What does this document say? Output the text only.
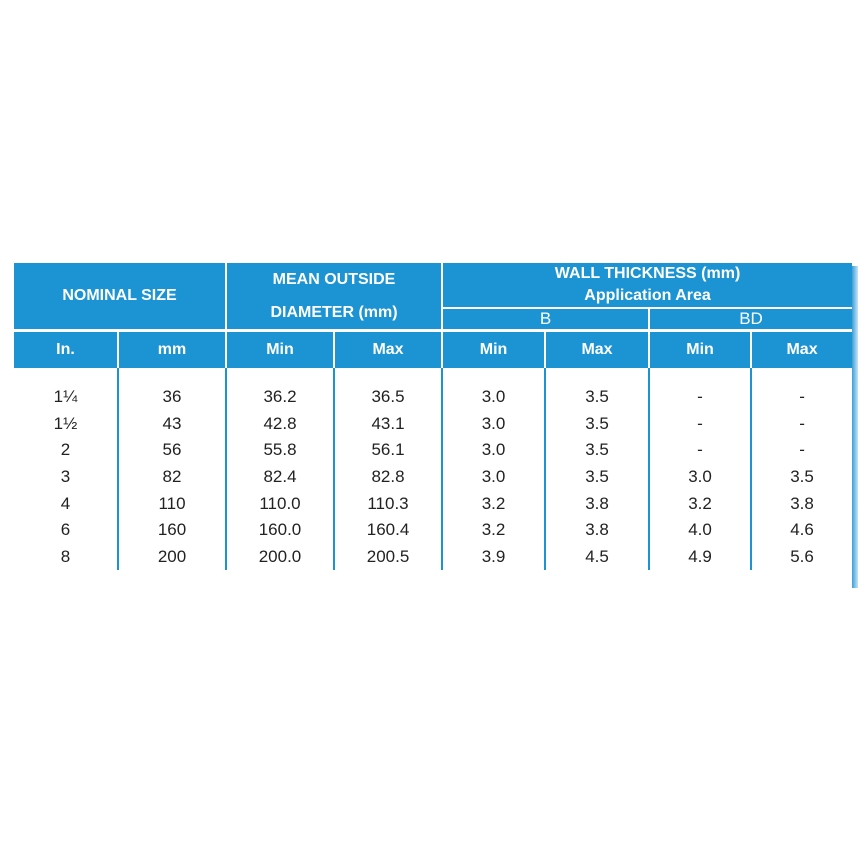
NOMINAL SIZE		MEAN OUTSIDE
DIAMETER (mm)		WALL THICKNESS (mm)
Application Area			
				B		BD	
In.	mm	Min	Max	Min	Max	Min	Max

1¼	36	36.2	36.5	3.0	3.5	-	-
1½	43	42.8	43.1	3.0	3.5	-	-
2	56	55.8	56.1	3.0	3.5	-	-
3	82	82.4	82.8	3.0	3.5	3.0	3.5
4	110	110.0	110.3	3.2	3.8	3.2	3.8
6	160	160.0	160.4	3.2	3.8	4.0	4.6
8	200	200.0	200.5	3.9	4.5	4.9	5.6
